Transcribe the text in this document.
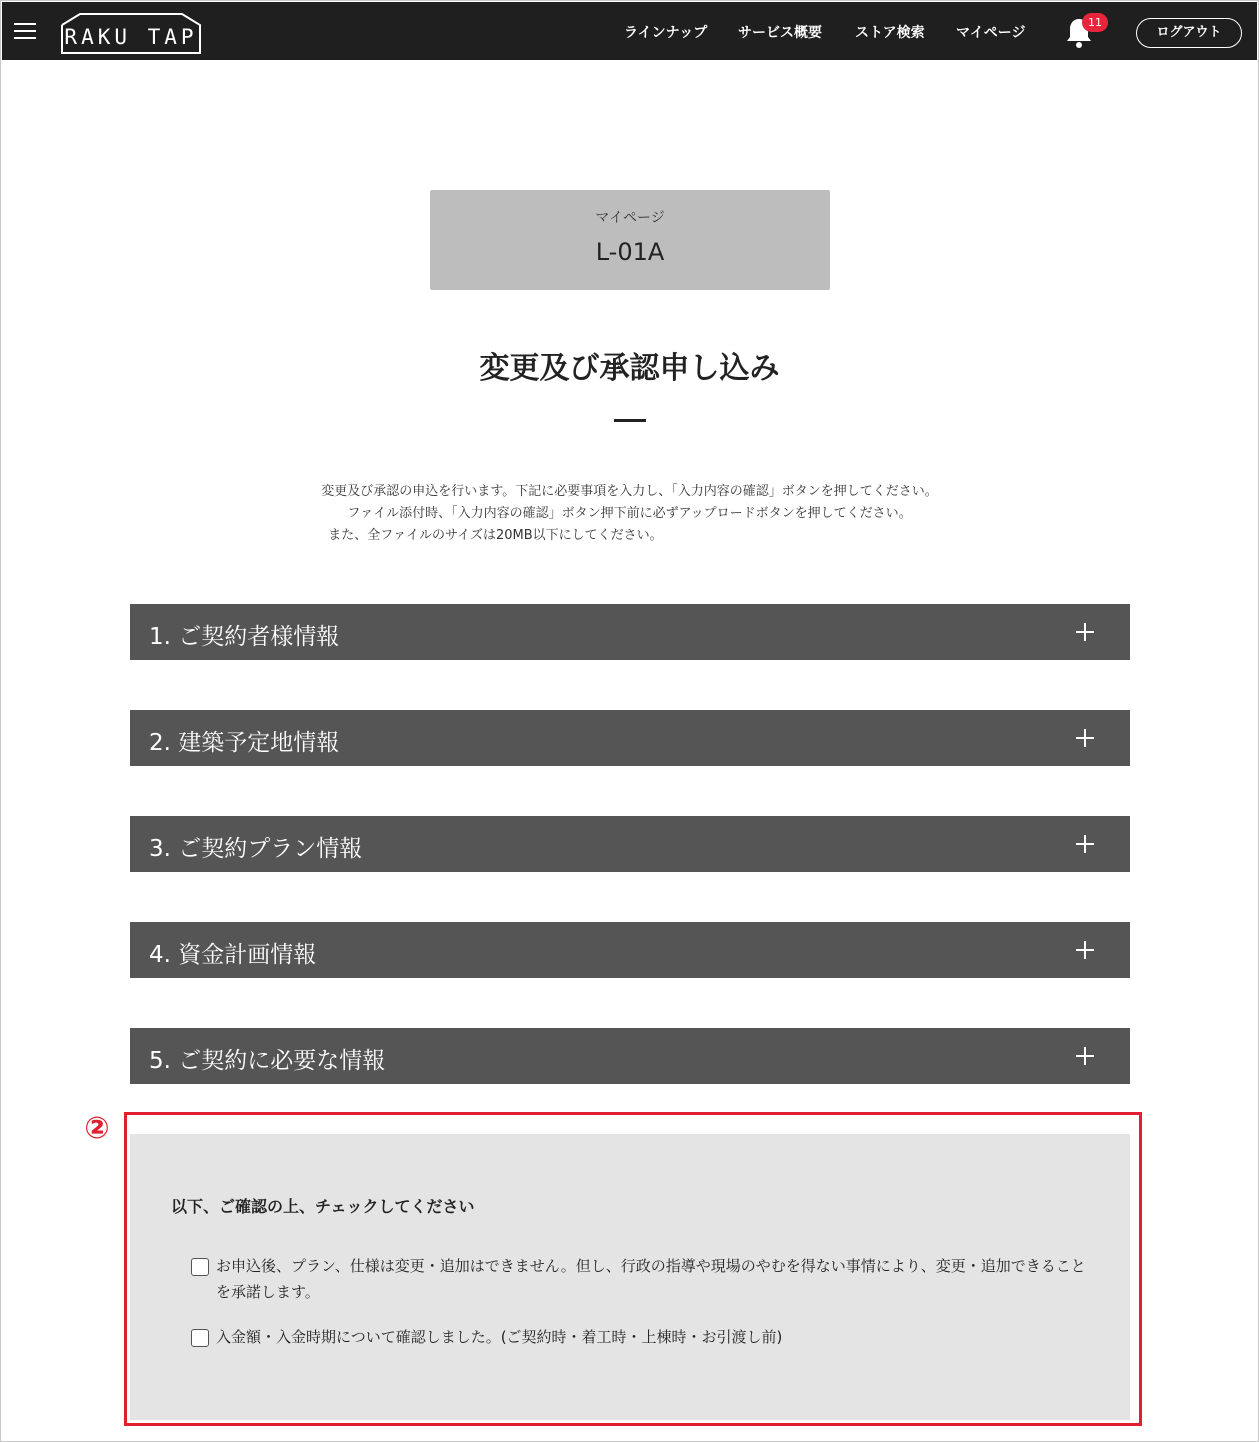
RAKU TAP	ラインナップ サービス概要 ストア検索 マイページ
11
ログアウト
マイページ
L-01A
変更及び承認申し込み
変更及び承認の申込を行います。下記に必要事項を入力し、「入力内容の確認」ボタンを押してください。
ファイル添付時、「入力内容の確認」ボタン押下前に必ずアップロードボタンを押してください。
また、全ファイルのサイズは20MB以下にしてください。
1. ご契約者様情報
2. 建築予定地情報
3. ご契約プラン情報
4. 資金計画情報
5. ご契約に必要な情報
以下、ご確認の上、チェックしてください
お申込後、プラン、仕様は変更・追加はできません。但し、行政の指導や現場のやむを得ない事情により、変更・追加できることを承諾します。
入金額・入金時期について確認しました。(ご契約時・着工時・上棟時・お引渡し前)
②
